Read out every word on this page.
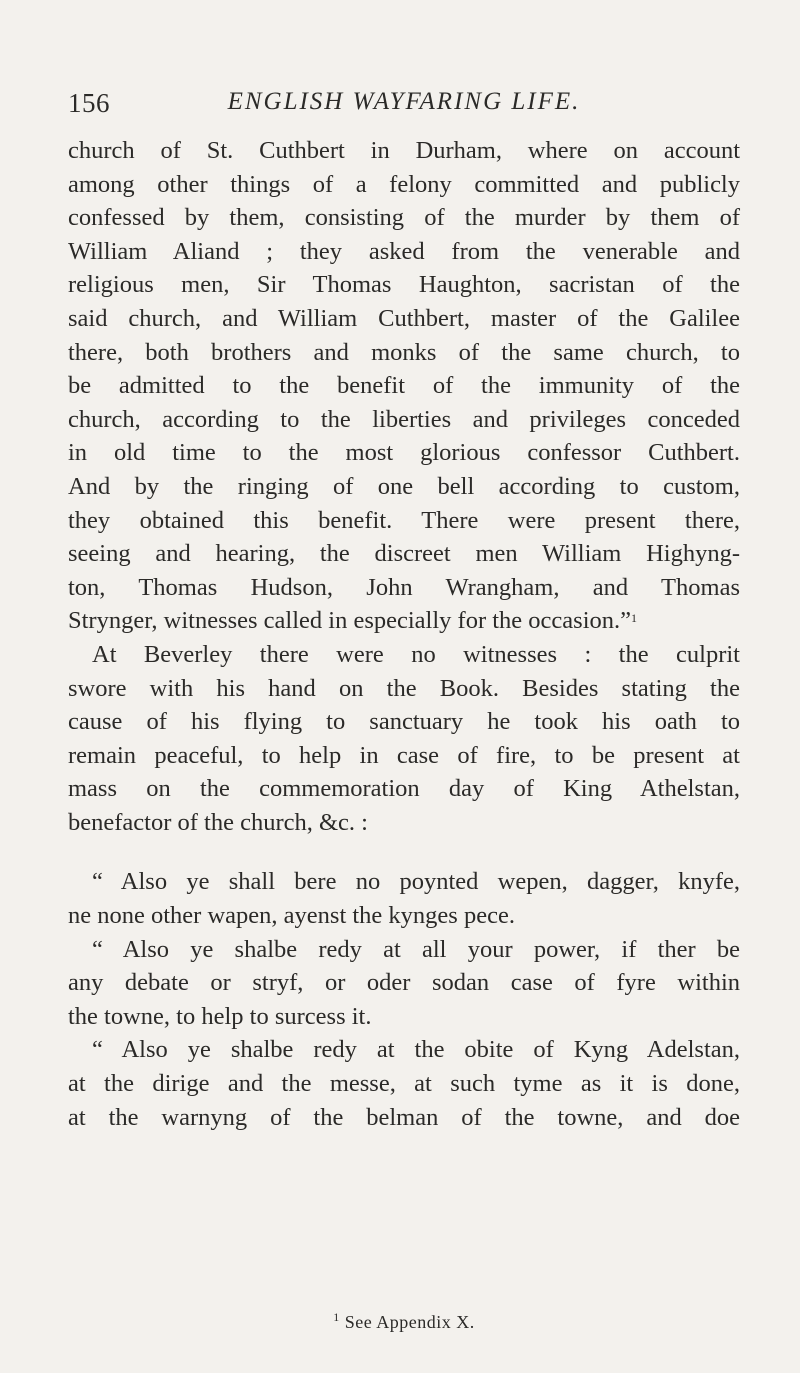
156	ENGLISH WAYFARING LIFE.
church of St. Cuthbert in Durham, where on account
among other things of a felony committed and publicly
confessed by them, consisting of the murder by them of
William Aliand ; they asked from the venerable and
religious men, Sir Thomas Haughton, sacristan of the
said church, and William Cuthbert, master of the Galilee
there, both brothers and monks of the same church, to
be admitted to the benefit of the immunity of the
church, according to the liberties and privileges conceded
in old time to the most glorious confessor Cuthbert.
And by the ringing of one bell according to custom,
they obtained this benefit. There were present there,
seeing and hearing, the discreet men William Highyng-
ton, Thomas Hudson, John Wrangham, and Thomas
Strynger, witnesses called in especially for the occasion.”$^1$
At Beverley there were no witnesses : the culprit
swore with his hand on the Book. Besides stating the
cause of his flying to sanctuary he took his oath to
remain peaceful, to help in case of fire, to be present at
mass on the commemoration day of King Athelstan,
benefactor of the church, &c. :
“ Also ye shall bere no poynted wepen, dagger, knyfe,
ne none other wapen, ayenst the kynges pece.
“ Also ye shalbe redy at all your power, if ther be
any debate or stryf, or oder sodan case of fyre within
the towne, to help to surcess it.
“ Also ye shalbe redy at the obite of Kyng Adelstan,
at the dirige and the messe, at such tyme as it is done,
at the warnyng of the belman of the towne, and doe
$^1$ See Appendix X.
